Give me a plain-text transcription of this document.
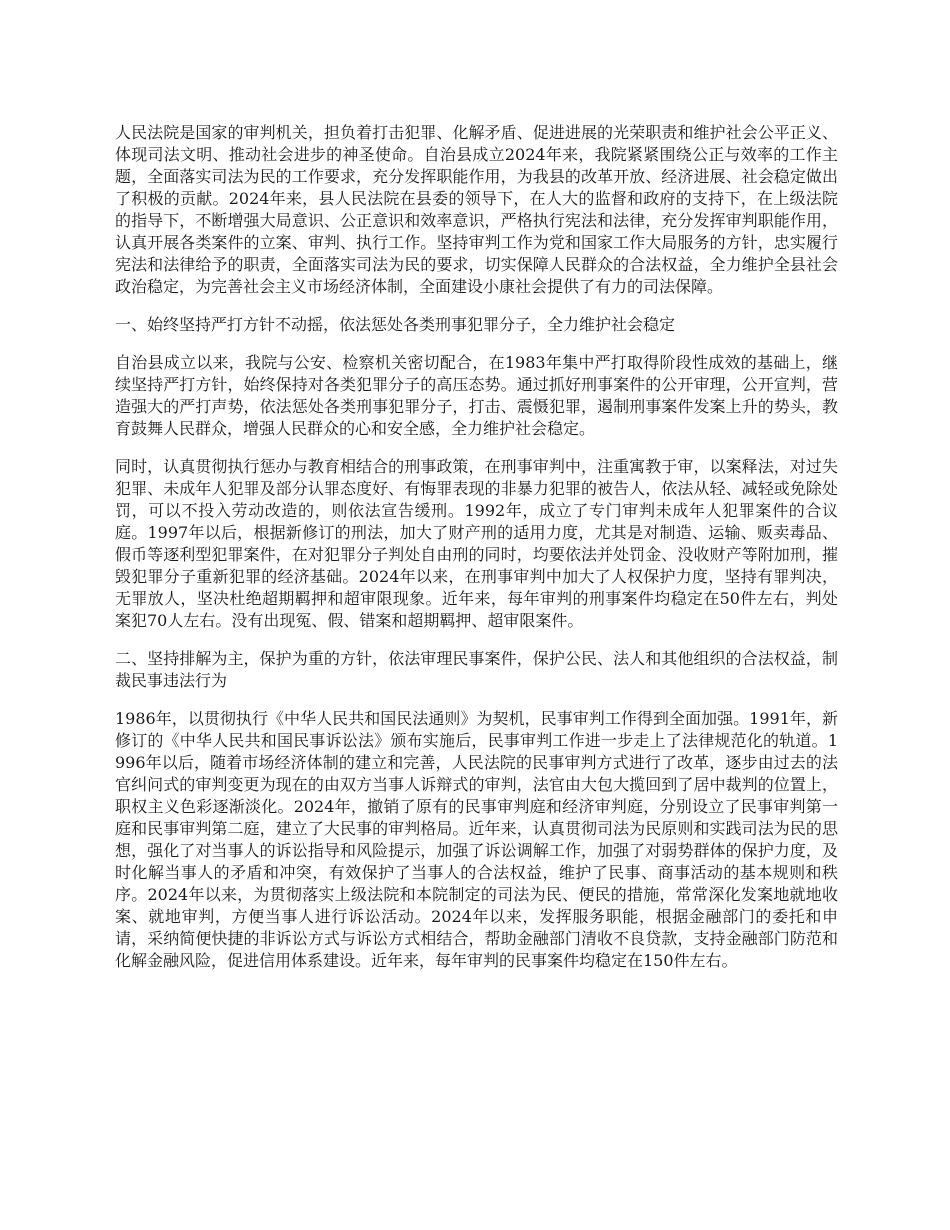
人民法院是国家的审判机关，担负着打击犯罪、化解矛盾、促进进展的光荣职责和维护社会公平正义、体现司法文明、推动社会进步的神圣使命。自治县成立2024年来，我院紧紧围绕公正与效率的工作主题，全面落实司法为民的工作要求，充分发挥职能作用，为我县的改革开放、经济进展、社会稳定做出了积极的贡献。2024年来，县人民法院在县委的领导下，在人大的监督和政府的支持下，在上级法院的指导下，不断增强大局意识、公正意识和效率意识，严格执行宪法和法律，充分发挥审判职能作用，认真开展各类案件的立案、审判、执行工作。坚持审判工作为党和国家工作大局服务的方针，忠实履行宪法和法律给予的职责，全面落实司法为民的要求，切实保障人民群众的合法权益，全力维护全县社会政治稳定，为完善社会主义市场经济体制，全面建设小康社会提供了有力的司法保障。

一、始终坚持严打方针不动摇，依法惩处各类刑事犯罪分子，全力维护社会稳定

自治县成立以来，我院与公安、检察机关密切配合，在1983年集中严打取得阶段性成效的基础上，继续坚持严打方针，始终保持对各类犯罪分子的高压态势。通过抓好刑事案件的公开审理，公开宣判，营造强大的严打声势，依法惩处各类刑事犯罪分子，打击、震慑犯罪，遏制刑事案件发案上升的势头，教育鼓舞人民群众，增强人民群众的心和安全感，全力维护社会稳定。

同时，认真贯彻执行惩办与教育相结合的刑事政策，在刑事审判中，注重寓教于审，以案释法，对过失犯罪、未成年人犯罪及部分认罪态度好、有悔罪表现的非暴力犯罪的被告人，依法从轻、减轻或免除处罚，可以不投入劳动改造的，则依法宣告缓刑。1992年，成立了专门审判未成年人犯罪案件的合议庭。1997年以后，根据新修订的刑法，加大了财产刑的适用力度，尤其是对制造、运输、贩卖毒品、假币等逐利型犯罪案件，在对犯罪分子判处自由刑的同时，均要依法并处罚金、没收财产等附加刑，摧毁犯罪分子重新犯罪的经济基础。2024年以来，在刑事审判中加大了人权保护力度，坚持有罪判决，无罪放人，坚决杜绝超期羁押和超审限现象。近年来，每年审判的刑事案件均稳定在50件左右，判处案犯70人左右。没有出现冤、假、错案和超期羁押、超审限案件。

二、坚持排解为主，保护为重的方针，依法审理民事案件，保护公民、法人和其他组织的合法权益，制裁民事违法行为

1986年，以贯彻执行《中华人民共和国民法通则》为契机，民事审判工作得到全面加强。1991年，新修订的《中华人民共和国民事诉讼法》颁布实施后，民事审判工作进一步走上了法律规范化的轨道。1996年以后，随着市场经济体制的建立和完善，人民法院的民事审判方式进行了改革，逐步由过去的法官纠问式的审判变更为现在的由双方当事人诉辩式的审判，法官由大包大揽回到了居中裁判的位置上，职权主义色彩逐渐淡化。2024年，撤销了原有的民事审判庭和经济审判庭，分别设立了民事审判第一庭和民事审判第二庭，建立了大民事的审判格局。近年来，认真贯彻司法为民原则和实践司法为民的思想，强化了对当事人的诉讼指导和风险提示，加强了诉讼调解工作，加强了对弱势群体的保护力度，及时化解当事人的矛盾和冲突，有效保护了当事人的合法权益，维护了民事、商事活动的基本规则和秩序。2024年以来，为贯彻落实上级法院和本院制定的司法为民、便民的措施，常常深化发案地就地收案、就地审判，方便当事人进行诉讼活动。2024年以来，发挥服务职能，根据金融部门的委托和申请，采纳简便快捷的非诉讼方式与诉讼方式相结合，帮助金融部门清收不良贷款，支持金融部门防范和化解金融风险，促进信用体系建设。近年来，每年审判的民事案件均稳定在150件左右。
